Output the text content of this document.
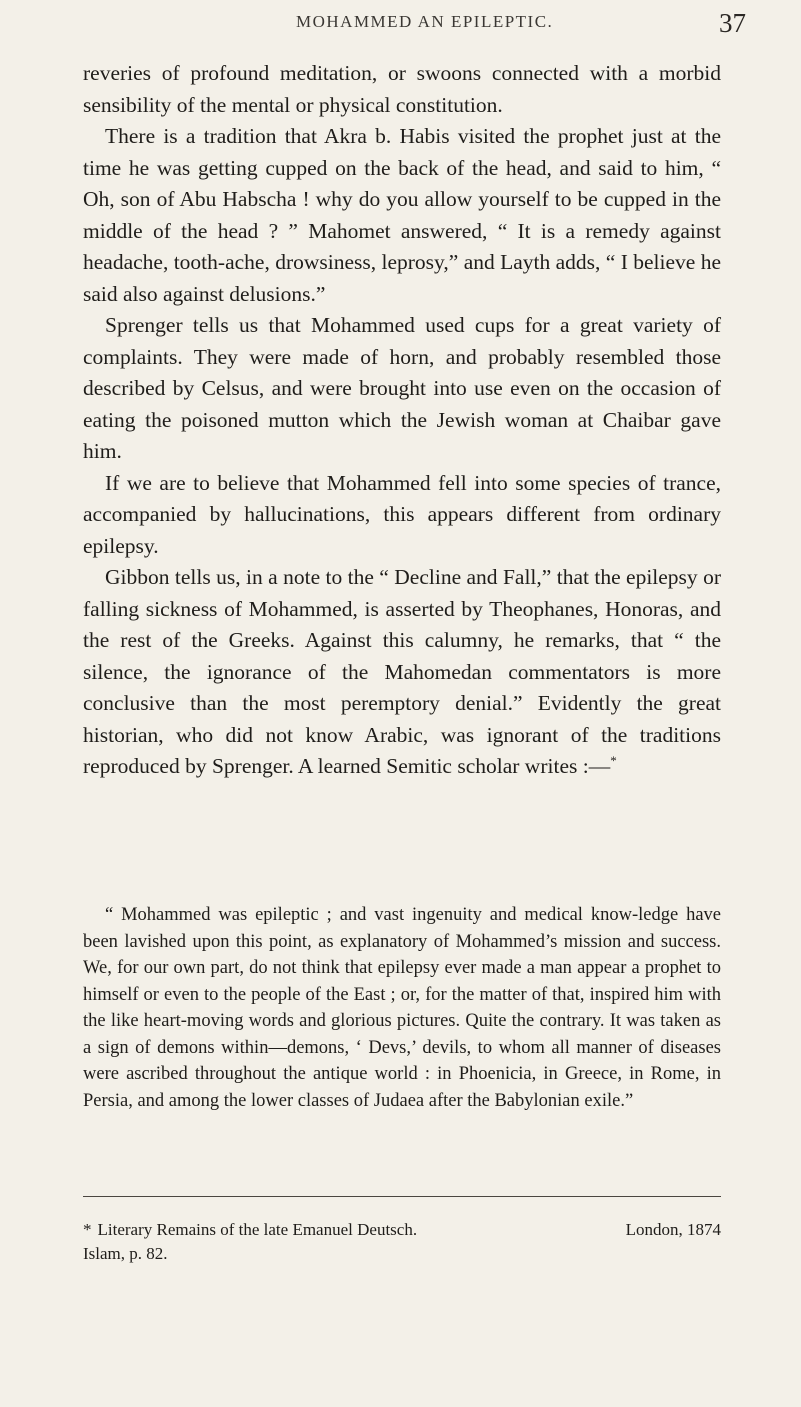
MOHAMMED AN EPILEPTIC.	37

reveries of profound meditation, or swoons connected with a morbid sensibility of the mental or physical constitution.

There is a tradition that Akra b. Habis visited the prophet just at the time he was getting cupped on the back of the head, and said to him, “ Oh, son of Abu Habscha ! why do you allow yourself to be cupped in the middle of the head ? ” Mahomet answered, “ It is a remedy against headache, tooth-ache, drowsiness, leprosy,” and Layth adds, “ I believe he said also against delusions.”

Sprenger tells us that Mohammed used cups for a great variety of complaints. They were made of horn, and probably resembled those described by Celsus, and were brought into use even on the occasion of eating the poisoned mutton which the Jewish woman at Chaibar gave him.

If we are to believe that Mohammed fell into some species of trance, accompanied by hallucinations, this appears different from ordinary epilepsy.

Gibbon tells us, in a note to the “ Decline and Fall,” that the epilepsy or falling sickness of Mohammed, is asserted by Theophanes, Honoras, and the rest of the Greeks. Against this calumny, he remarks, that “ the silence, the ignorance of the Mahomedan commentators is more conclusive than the most peremptory denial.” Evidently the great historian, who did not know Arabic, was ignorant of the traditions reproduced by Sprenger. A learned Semitic scholar writes :—*

“ Mohammed was epileptic ; and vast ingenuity and medical know-ledge have been lavished upon this point, as explanatory of Mohammed’s mission and success. We, for our own part, do not think that epilepsy ever made a man appear a prophet to himself or even to the people of the East ; or, for the matter of that, inspired him with the like heart-moving words and glorious pictures. Quite the contrary. It was taken as a sign of demons within—demons, ‘ Devs,’ devils, to whom all manner of diseases were ascribed throughout the antique world : in Phoenicia, in Greece, in Rome, in Persia, and among the lower classes of Judaea after the Babylonian exile.”
* Literary Remains of the late Emanuel Deutsch.	London, 1874
Islam, p. 82.
